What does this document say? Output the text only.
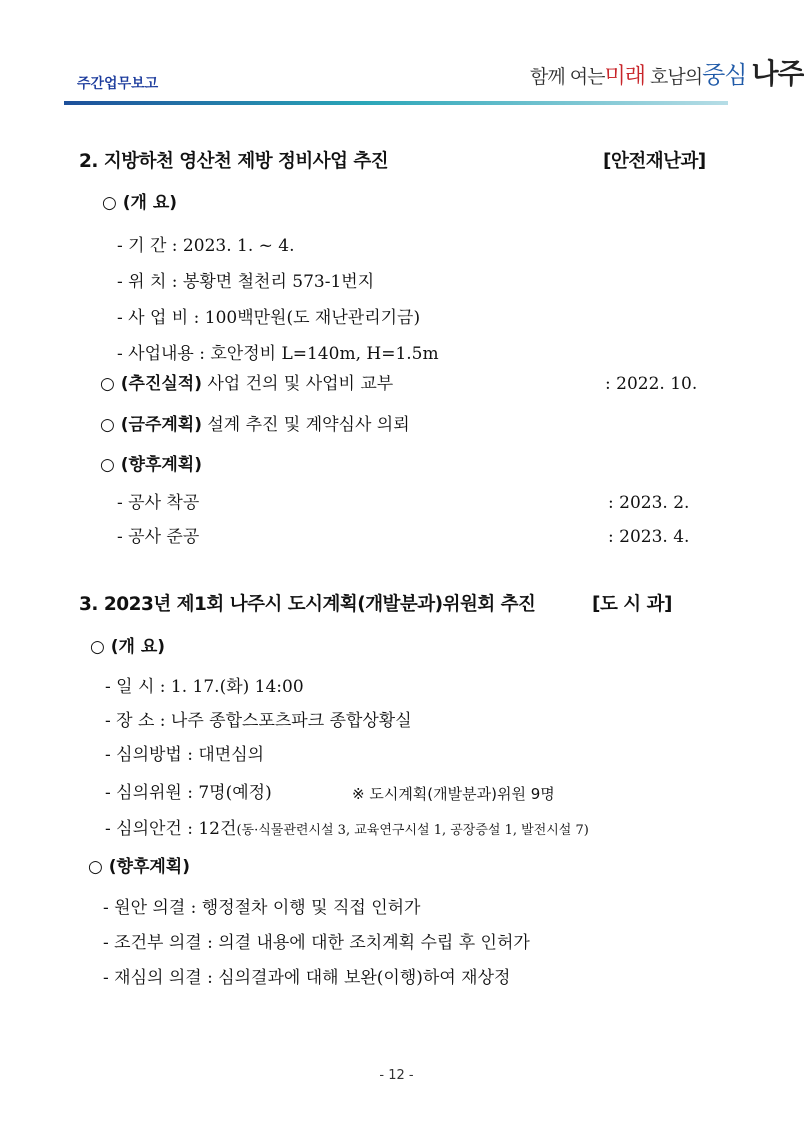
주간업무보고	함께 여는미래 호남의중심 나주
2. 지방하천 영산천 제방 정비사업 추진	[안전재난과]
○ (개 요)
- 기 간 : 2023. 1. ~ 4.
- 위 치 : 봉황면 철천리 573-1번지
- 사 업 비 : 100백만원(도 재난관리기금)
- 사업내용 : 호안정비 L=140m, H=1.5m
○ (추진실적) 사업 건의 및 사업비 교부	: 2022. 10.
○ (금주계획) 설계 추진 및 계약심사 의뢰
○ (향후계획)
- 공사 착공	: 2023. 2.
- 공사 준공	: 2023. 4.
3. 2023년 제1회 나주시 도시계획(개발분과)위원회 추진	[도 시 과]
○ (개 요)
- 일 시 : 1. 17.(화) 14:00
- 장 소 : 나주 종합스포츠파크 종합상황실
- 심의방법 : 대면심의
- 심의위원 : 7명(예정)	※ 도시계획(개발분과)위원 9명
- 심의안건 : 12건(동·식물관련시설 3, 교육연구시설 1, 공장증설 1, 발전시설 7)
○ (향후계획)
- 원안 의결 : 행정절차 이행 및 직접 인허가
- 조건부 의결 : 의결 내용에 대한 조치계획 수립 후 인허가
- 재심의 의결 : 심의결과에 대해 보완(이행)하여 재상정
- 12 -
